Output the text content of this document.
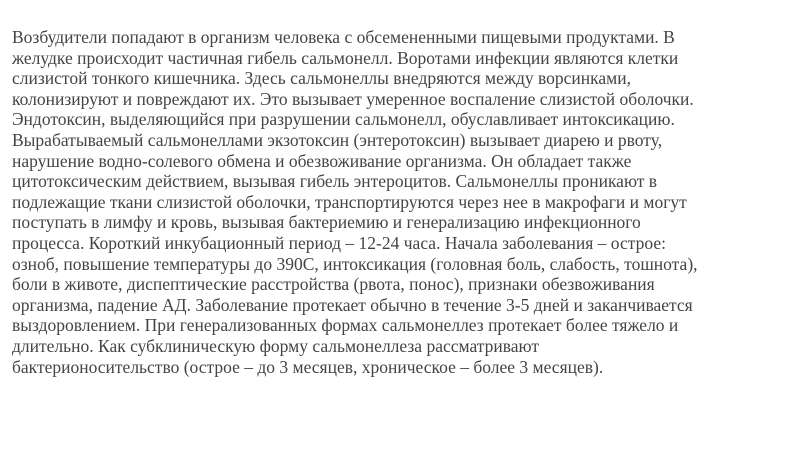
Возбудители попадают в организм человека с обсемененными пищевыми продуктами. В
желудке происходит частичная гибель сальмонелл. Воротами инфекции являются клетки
слизистой тонкого кишечника. Здесь сальмонеллы внедряются между ворсинками,
колонизируют и повреждают их. Это вызывает умеренное воспаление слизистой оболочки.
Эндотоксин, выделяющийся при разрушении сальмонелл, обуславливает интоксикацию.
Вырабатываемый сальмонеллами экзотоксин (энтеротоксин) вызывает диарею и рвоту,
нарушение водно-солевого обмена и обезвоживание организма. Он обладает также
цитотоксическим действием, вызывая гибель энтероцитов. Сальмонеллы проникают в
подлежащие ткани слизистой оболочки, транспортируются через нее в макрофаги и могут
поступать в лимфу и кровь, вызывая бактериемию и генерализацию инфекционного
процесса. Короткий инкубационный период – 12-24 часа. Начала заболевания – острое:
озноб, повышение температуры до 390С, интоксикация (головная боль, слабость, тошнота),
боли в животе, диспептические расстройства (рвота, понос), признаки обезвоживания
организма, падение АД. Заболевание протекает обычно в течение 3-5 дней и заканчивается
выздоровлением. При генерализованных формах сальмонеллез протекает более тяжело и
длительно. Как субклиническую форму сальмонеллеза рассматривают
бактерионосительство (острое – до 3 месяцев, хроническое – более 3 месяцев).
